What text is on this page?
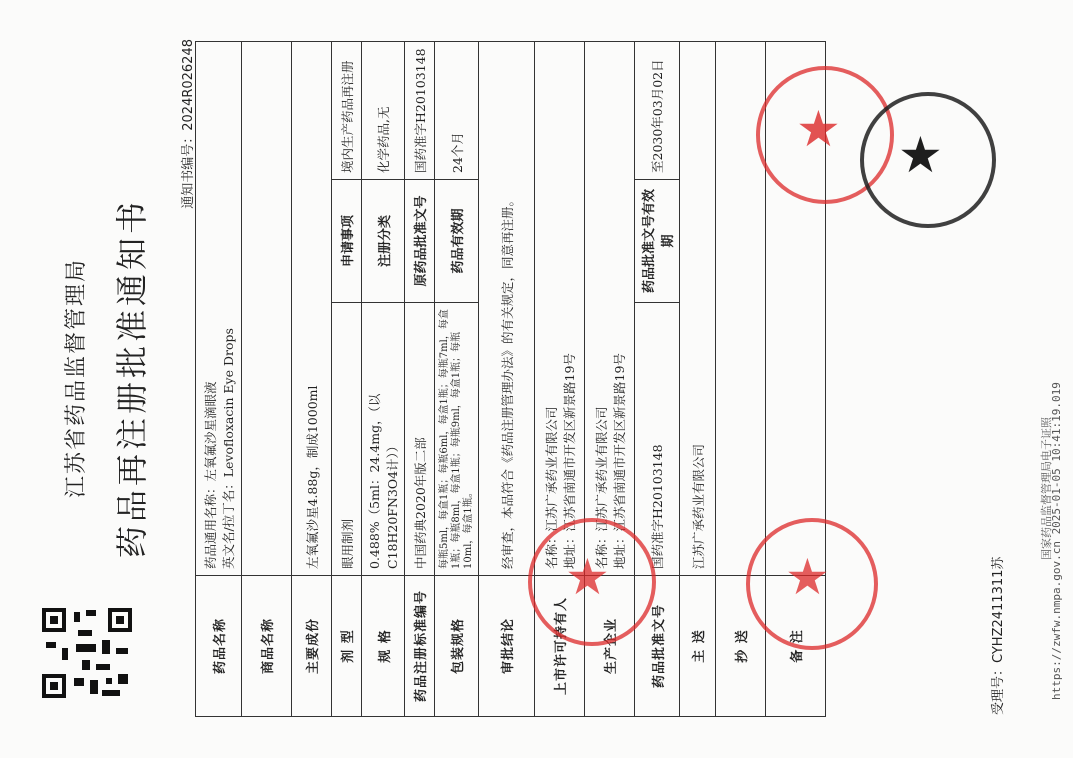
江苏省药品监督管理局 药品再注册批准通知书
通知书编号：2024R026248
药品名称	药品通用名称：左氧氟沙星滴眼液 英文名/拉丁名：Levofloxacin Eye Drops		

商品名称			
主要成份	左氧氟沙星4.88g，制成1000ml		
剂 型	眼用制剂	申请事项	境内生产药品再注册
规 格	0.488%（5ml：24.4mg，（以C18H20FN3O4计））	注册分类	化学药品,无
药品注册标准编号	中国药典2020年版二部	原药品批准文号	国药准字H20103148
包装规格	每瓶5ml，每盒1瓶；每瓶6ml，每盒1瓶；每瓶7ml，每盒1瓶；每瓶8ml，每盒1瓶；每瓶9ml，每盒1瓶；每瓶10ml，每盒1瓶。	药品有效期	24个月
审批结论	经审查，本品符合《药品注册管理办法》的有关规定，同意再注册。		
上市许可持有人	名称：江苏广承药业有限公司 地址：江苏省南通市开发区新景路19号		

生产企业	名称：江苏广承药业有限公司 地址：江苏省南通市开发区新景路19号		

药品批准文号	国药准字H20103148	药品批准文号有效期	至2030年03月02日
主 送	江苏广承药业有限公司		
抄 送			
备 注			
受理号：CYHZ2411311苏
★
★	★
★
国家药品监督管理局电子证照
https://zwfw.nmpa.gov.cn 2025-01-05 10:41:19.019
